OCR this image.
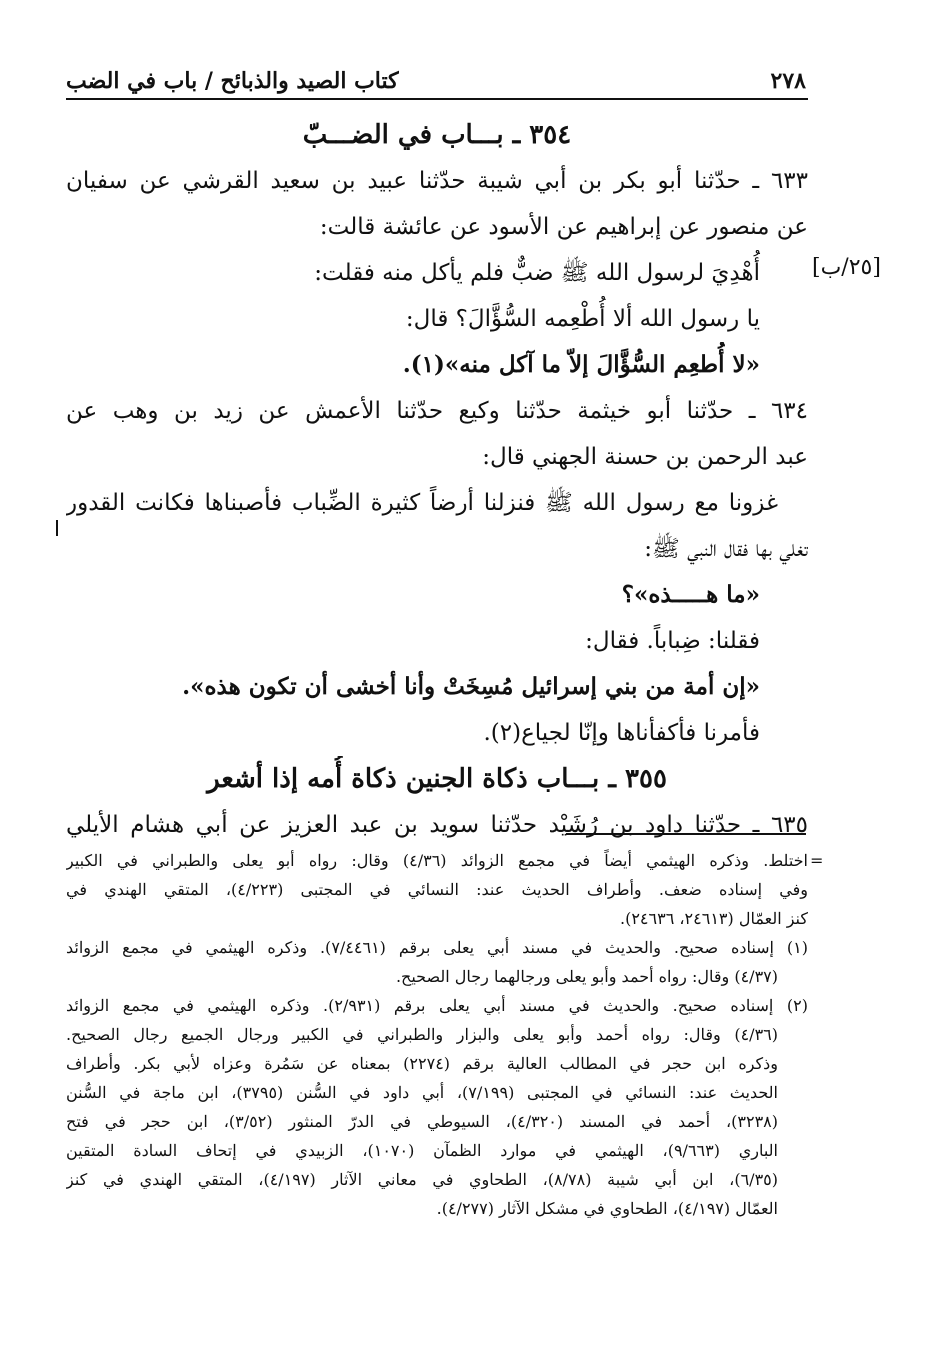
٢٧٨
كتاب الصيد والذبائح / باب في الضب
[٢٥/ب]
٣٥٤ ـ بـــاب في الضـــبّ
٦٣٣ ـ حدّثنا أبو بكر بن أبي شيبة حدّثنا عبيد بن سعيد القرشي عن سفيان
عن منصور عن إبراهيم عن الأسود عن عائشة قالت:
أُهْدِيَ لرسول الله ﷺ ضبٌّ فلم يأكل منه فقلت:
يا رسول الله ألا أُطْعِمه السُّؤَّالَ؟ قال:
«لا أُطعِم السُّؤَّالَ إلاّ ما آكل منه»(١).
٦٣٤ ـ حدّثنا أبو خيثمة حدّثنا وكيع حدّثنا الأعمش عن زيد بن وهب عن
عبد الرحمن بن حسنة الجهني قال:
غزونا مع رسول الله ﷺ فنزلنا أرضاً كثيرة الضِّباب فأصبناها فكانت القدور
تغلي بها فقال النبي ﷺ:
«ما هـــــذه»؟
فقلنا: ضِباباً. فقال:
«إن أمة من بني إسرائيل مُسِخَتْ وأنا أخشى أن تكون هذه».
فأمرنا فأكفأناها وإنّا لجياع(٢).
٣٥٥ ـ بـــاب ذكاة الجنين ذكاة أُمه إذا أشعر
٦٣٥ ـ حدّثنا داود بن رُشَيْد حدّثنا سويد بن عبد العزيز عن أبي هشام الأيلي
=
اختلط. وذكره الهيثمي أيضاً في مجمع الزوائد (٤/٣٦) وقال: رواه أبو يعلى والطبراني في الكبير
وفي إسناده ضعف. وأطراف الحديث عند: النسائي في المجتبى (٤/٢٢٣)، المتقي الهندي في
كنز العمّال (٢٤٦١٣، ٢٤٦٣٦).
(١) إسناده صحيح. والحديث في مسند أبي يعلى برقم (٧/٤٤٦١). وذكره الهيثمي في مجمع الزوائد
(٤/٣٧) وقال: رواه أحمد وأبو يعلى ورجالهما رجال الصحيح.
(٢) إسناده صحيح. والحديث في مسند أبي يعلى برقم (٢/٩٣١). وذكره الهيثمي في مجمع الزوائد
(٤/٣٦) وقال: رواه أحمد وأبو يعلى والبزار والطبراني في الكبير ورجال الجميع رجال الصحيح.
وذكره ابن حجر في المطالب العالية برقم (٢٢٧٤) بمعناه عن سَمُرة وعزاه لأبي بكر. وأطراف
الحديث عند: النسائي في المجتبى (٧/١٩٩)، أبي داود في السُّنن (٣٧٩٥)، ابن ماجة في السُّنن
(٣٢٣٨)، أحمد في المسند (٤/٣٢٠)، السيوطي في الدرّ المنثور (٣/٥٢)، ابن حجر في فتح
الباري (٩/٦٦٣)، الهيثمي في موارد الظمآن (١٠٧٠)، الزبيدي في إتحاف السادة المتقين
(٦/٣٥)، ابن أبي شيبة (٨/٧٨)، الطحاوي في معاني الآثار (٤/١٩٧)، المتقي الهندي في كنز
العمّال (٤/١٩٧)، الطحاوي في مشكل الآثار (٤/٢٧٧).
